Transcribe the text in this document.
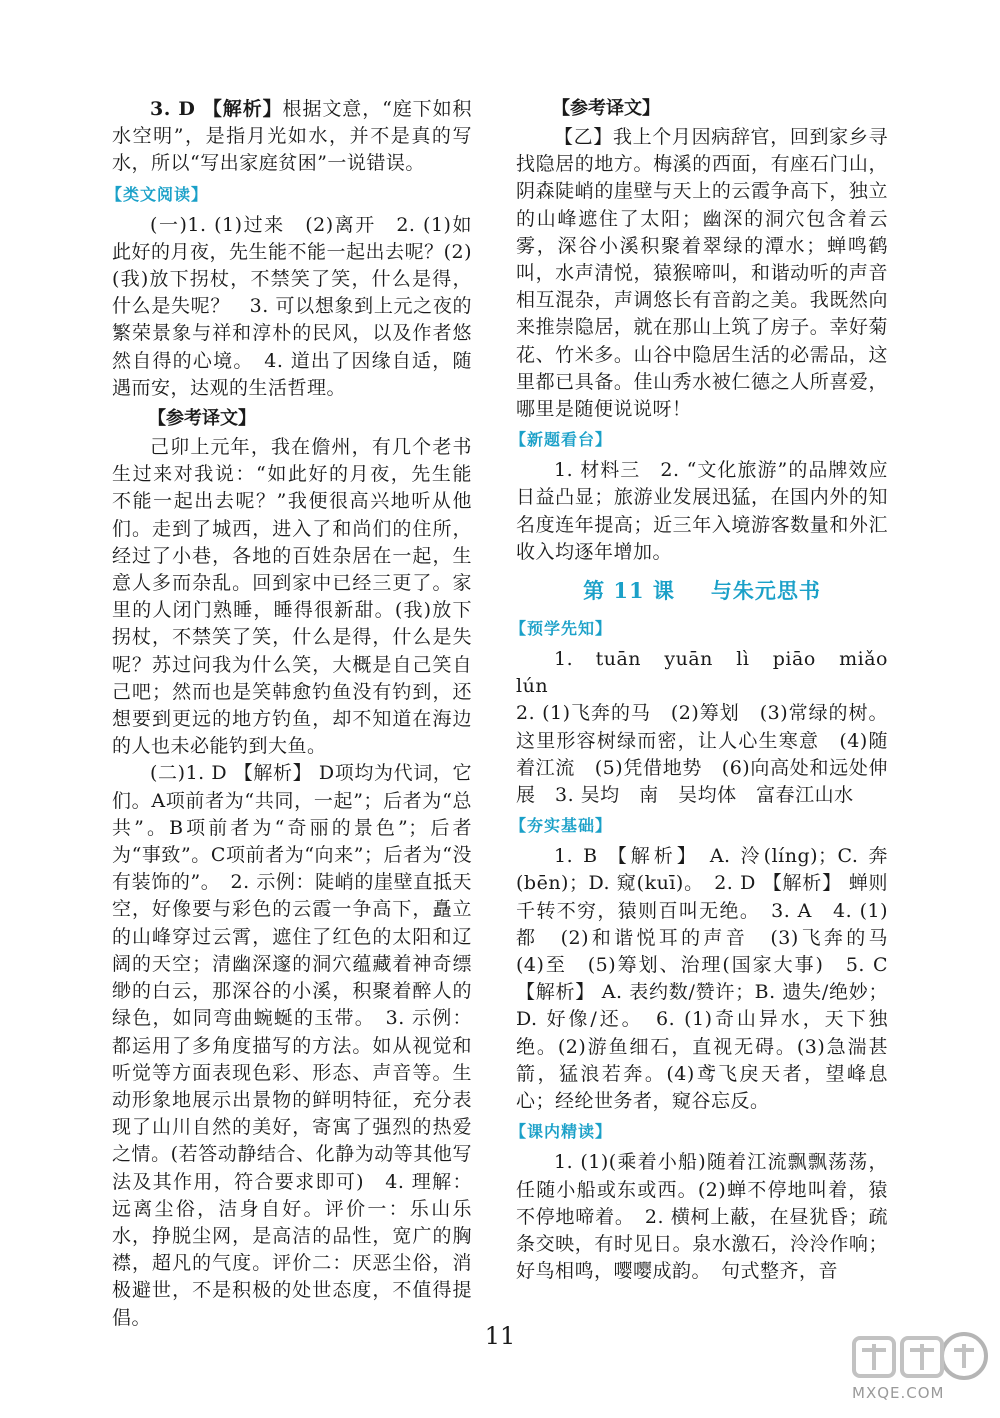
3. D 【解析】根据文意，“庭下如积水空明”，是指月光如水，并不是真的写水，所以“写出家庭贫困”一说错误。

【类文阅读】

(一)1. (1)过来　(2)离开　2. (1)如此好的月夜，先生能不能一起出去呢？(2)(我)放下拐杖，不禁笑了笑，什么是得，什么是失呢？　3. 可以想象到上元之夜的繁荣景象与祥和淳朴的民风，以及作者悠然自得的心境。　4. 道出了因缘自适，随遇而安，达观的生活哲理。

【参考译文】

己卯上元年，我在儋州，有几个老书生过来对我说：“如此好的月夜，先生能不能一起出去呢？”我便很高兴地听从他们。走到了城西，进入了和尚们的住所，经过了小巷，各地的百姓杂居在一起，生意人多而杂乱。回到家中已经三更了。家里的人闭门熟睡，睡得很新甜。(我)放下拐杖，不禁笑了笑，什么是得，什么是失呢？苏过问我为什么笑，大概是自己笑自己吧；然而也是笑韩愈钓鱼没有钓到，还想要到更远的地方钓鱼，却不知道在海边的人也未必能钓到大鱼。

(二)1. D 【解析】 D项均为代词，它们。A项前者为“共同，一起”；后者为“总共”。B项前者为“奇丽的景色”；后者为“事致”。C项前者为“向来”；后者为“没有装饰的”。　2. 示例：陡峭的崖壁直抵天空，好像要与彩色的云霞一争高下，矗立的山峰穿过云霄，遮住了红色的太阳和辽阔的天空；清幽深邃的洞穴蕴藏着神奇缥缈的白云，那深谷的小溪，积聚着醉人的绿色，如同弯曲蜿蜒的玉带。　3. 示例：都运用了多角度描写的方法。如从视觉和听觉等方面表现色彩、形态、声音等。生动形象地展示出景物的鲜明特征，充分表现了山川自然的美好，寄寓了强烈的热爱之情。(若答动静结合、化静为动等其他写法及其作用，符合要求即可)　4. 理解：远离尘俗，洁身自好。评价一：乐山乐水，挣脱尘网，是高洁的品性，宽广的胸襟，超凡的气度。评价二：厌恶尘俗，消极避世，不是积极的处世态度，不值得提倡。

【参考译文】

【乙】我上个月因病辞官，回到家乡寻找隐居的地方。梅溪的西面，有座石门山，阴森陡峭的崖壁与天上的云霞争高下，独立的山峰遮住了太阳；幽深的洞穴包含着云雾，深谷小溪积聚着翠绿的潭水；蝉鸣鹤叫，水声清悦，猿猴啼叫，和谐动听的声音相互混杂，声调悠长有音韵之美。我既然向来推崇隐居，就在那山上筑了房子。幸好菊花、竹米多。山谷中隐居生活的必需品，这里都已具备。佳山秀水被仁德之人所喜爱，哪里是随便说说呀！

【新题看台】

1. 材料三　2. “文化旅游”的品牌效应日益凸显；旅游业发展迅猛，在国内外的知名度连年提高；近三年入境游客数量和外汇收入均逐年增加。

第 11 课 与朱元思书
【预学先知】

1. tuān　yuān　lì　piāo　miǎo　lún

2. (1)飞奔的马　(2)筹划　(3)常绿的树。这里形容树绿而密，让人心生寒意　(4)随着江流　(5)凭借地势　(6)向高处和远处伸展　3. 吴均　南　吴均体　富春江山水

【夯实基础】

1. B 【解析】 A. 泠(líng)；C. 奔(bēn)；D. 窥(kuī)。　2. D 【解析】 蝉则千转不穷，猿则百叫无绝。　3. A　4. (1)都　(2)和谐悦耳的声音　(3)飞奔的马　(4)至　(5)筹划、治理(国家大事)　5. C 【解析】 A. 表约数/赞许；B. 遗失/绝妙；D. 好像/还。　6. (1)奇山异水，天下独绝。(2)游鱼细石，直视无碍。(3)急湍甚箭，猛浪若奔。(4)鸢飞戾天者，望峰息心；经纶世务者，窥谷忘反。

【课内精读】

1. (1)(乘着小船)随着江流飘飘荡荡，任随小船或东或西。(2)蝉不停地叫着，猿不停地啼着。　2. 横柯上蔽，在昼犹昏；疏条交映，有时见日。泉水激石，泠泠作响；好鸟相鸣，嘤嘤成韵。　句式整齐，音

11
MXQE.COM
